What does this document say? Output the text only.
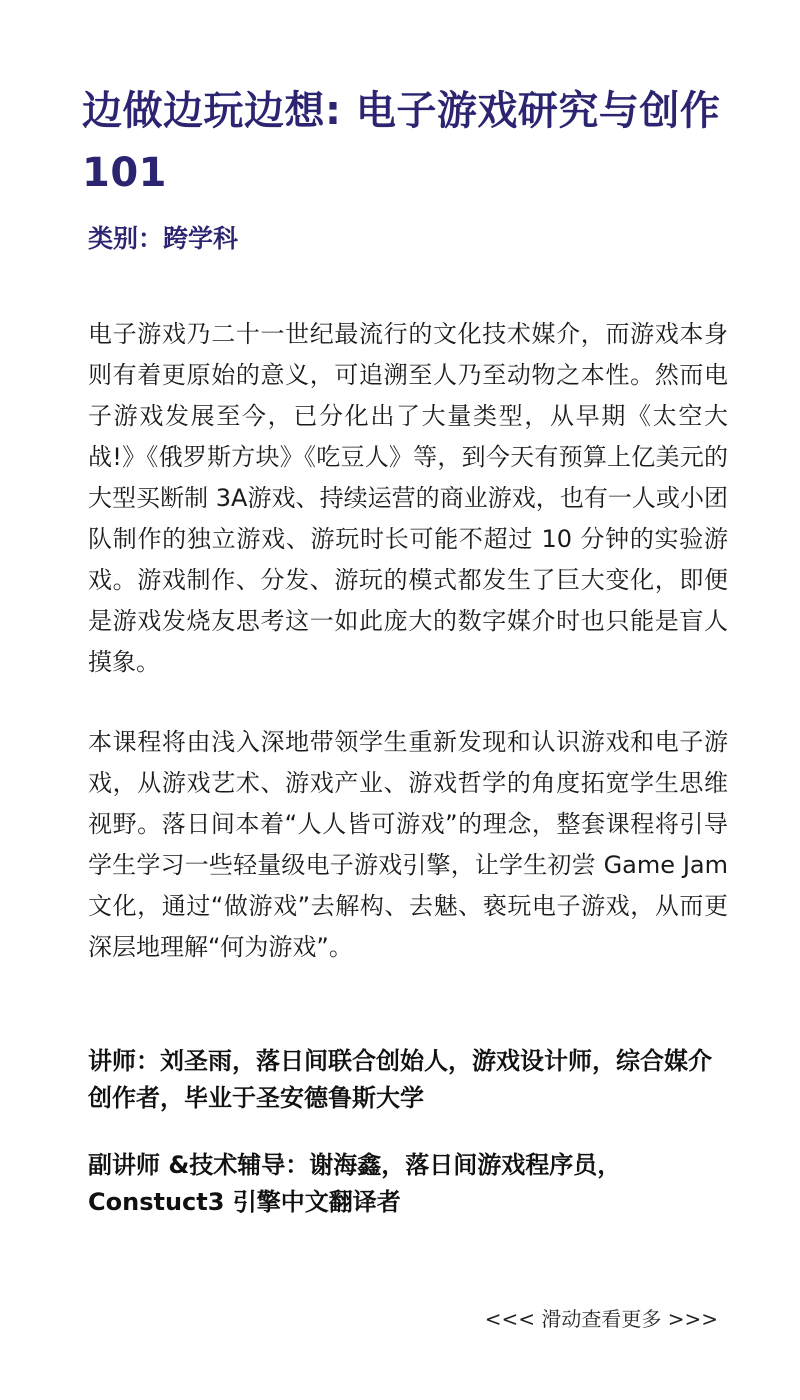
边做边玩边想: 电子游戏研究与创作101
类别：跨学科

电子游戏乃二十一世纪最流行的文化技术媒介，而游戏本身则有着更原始的意义，可追溯至人乃至动物之本性。然而电子游戏发展至今，已分化出了大量类型，从早期《太空大战!》《俄罗斯方块》《吃豆人》等，到今天有预算上亿美元的大型买断制 3A游戏、持续运营的商业游戏，也有一人或小团队制作的独立游戏、游玩时长可能不超过 10 分钟的实验游戏。游戏制作、分发、游玩的模式都发生了巨大变化，即便是游戏发烧友思考这一如此庞大的数字媒介时也只能是盲人摸象。

本课程将由浅入深地带领学生重新发现和认识游戏和电子游戏，从游戏艺术、游戏产业、游戏哲学的角度拓宽学生思维视野。落日间本着“人人皆可游戏”的理念，整套课程将引导学生学习一些轻量级电子游戏引擎，让学生初尝 Game Jam 文化，通过“做游戏”去解构、去魅、亵玩电子游戏，从而更深层地理解“何为游戏”。

讲师：刘圣雨，落日间联合创始人，游戏设计师，综合媒介创作者，毕业于圣安德鲁斯大学

副讲师 &技术辅导：谢海鑫，落日间游戏程序员，Constuct3 引擎中文翻译者

<<< 滑动查看更多 >>>
